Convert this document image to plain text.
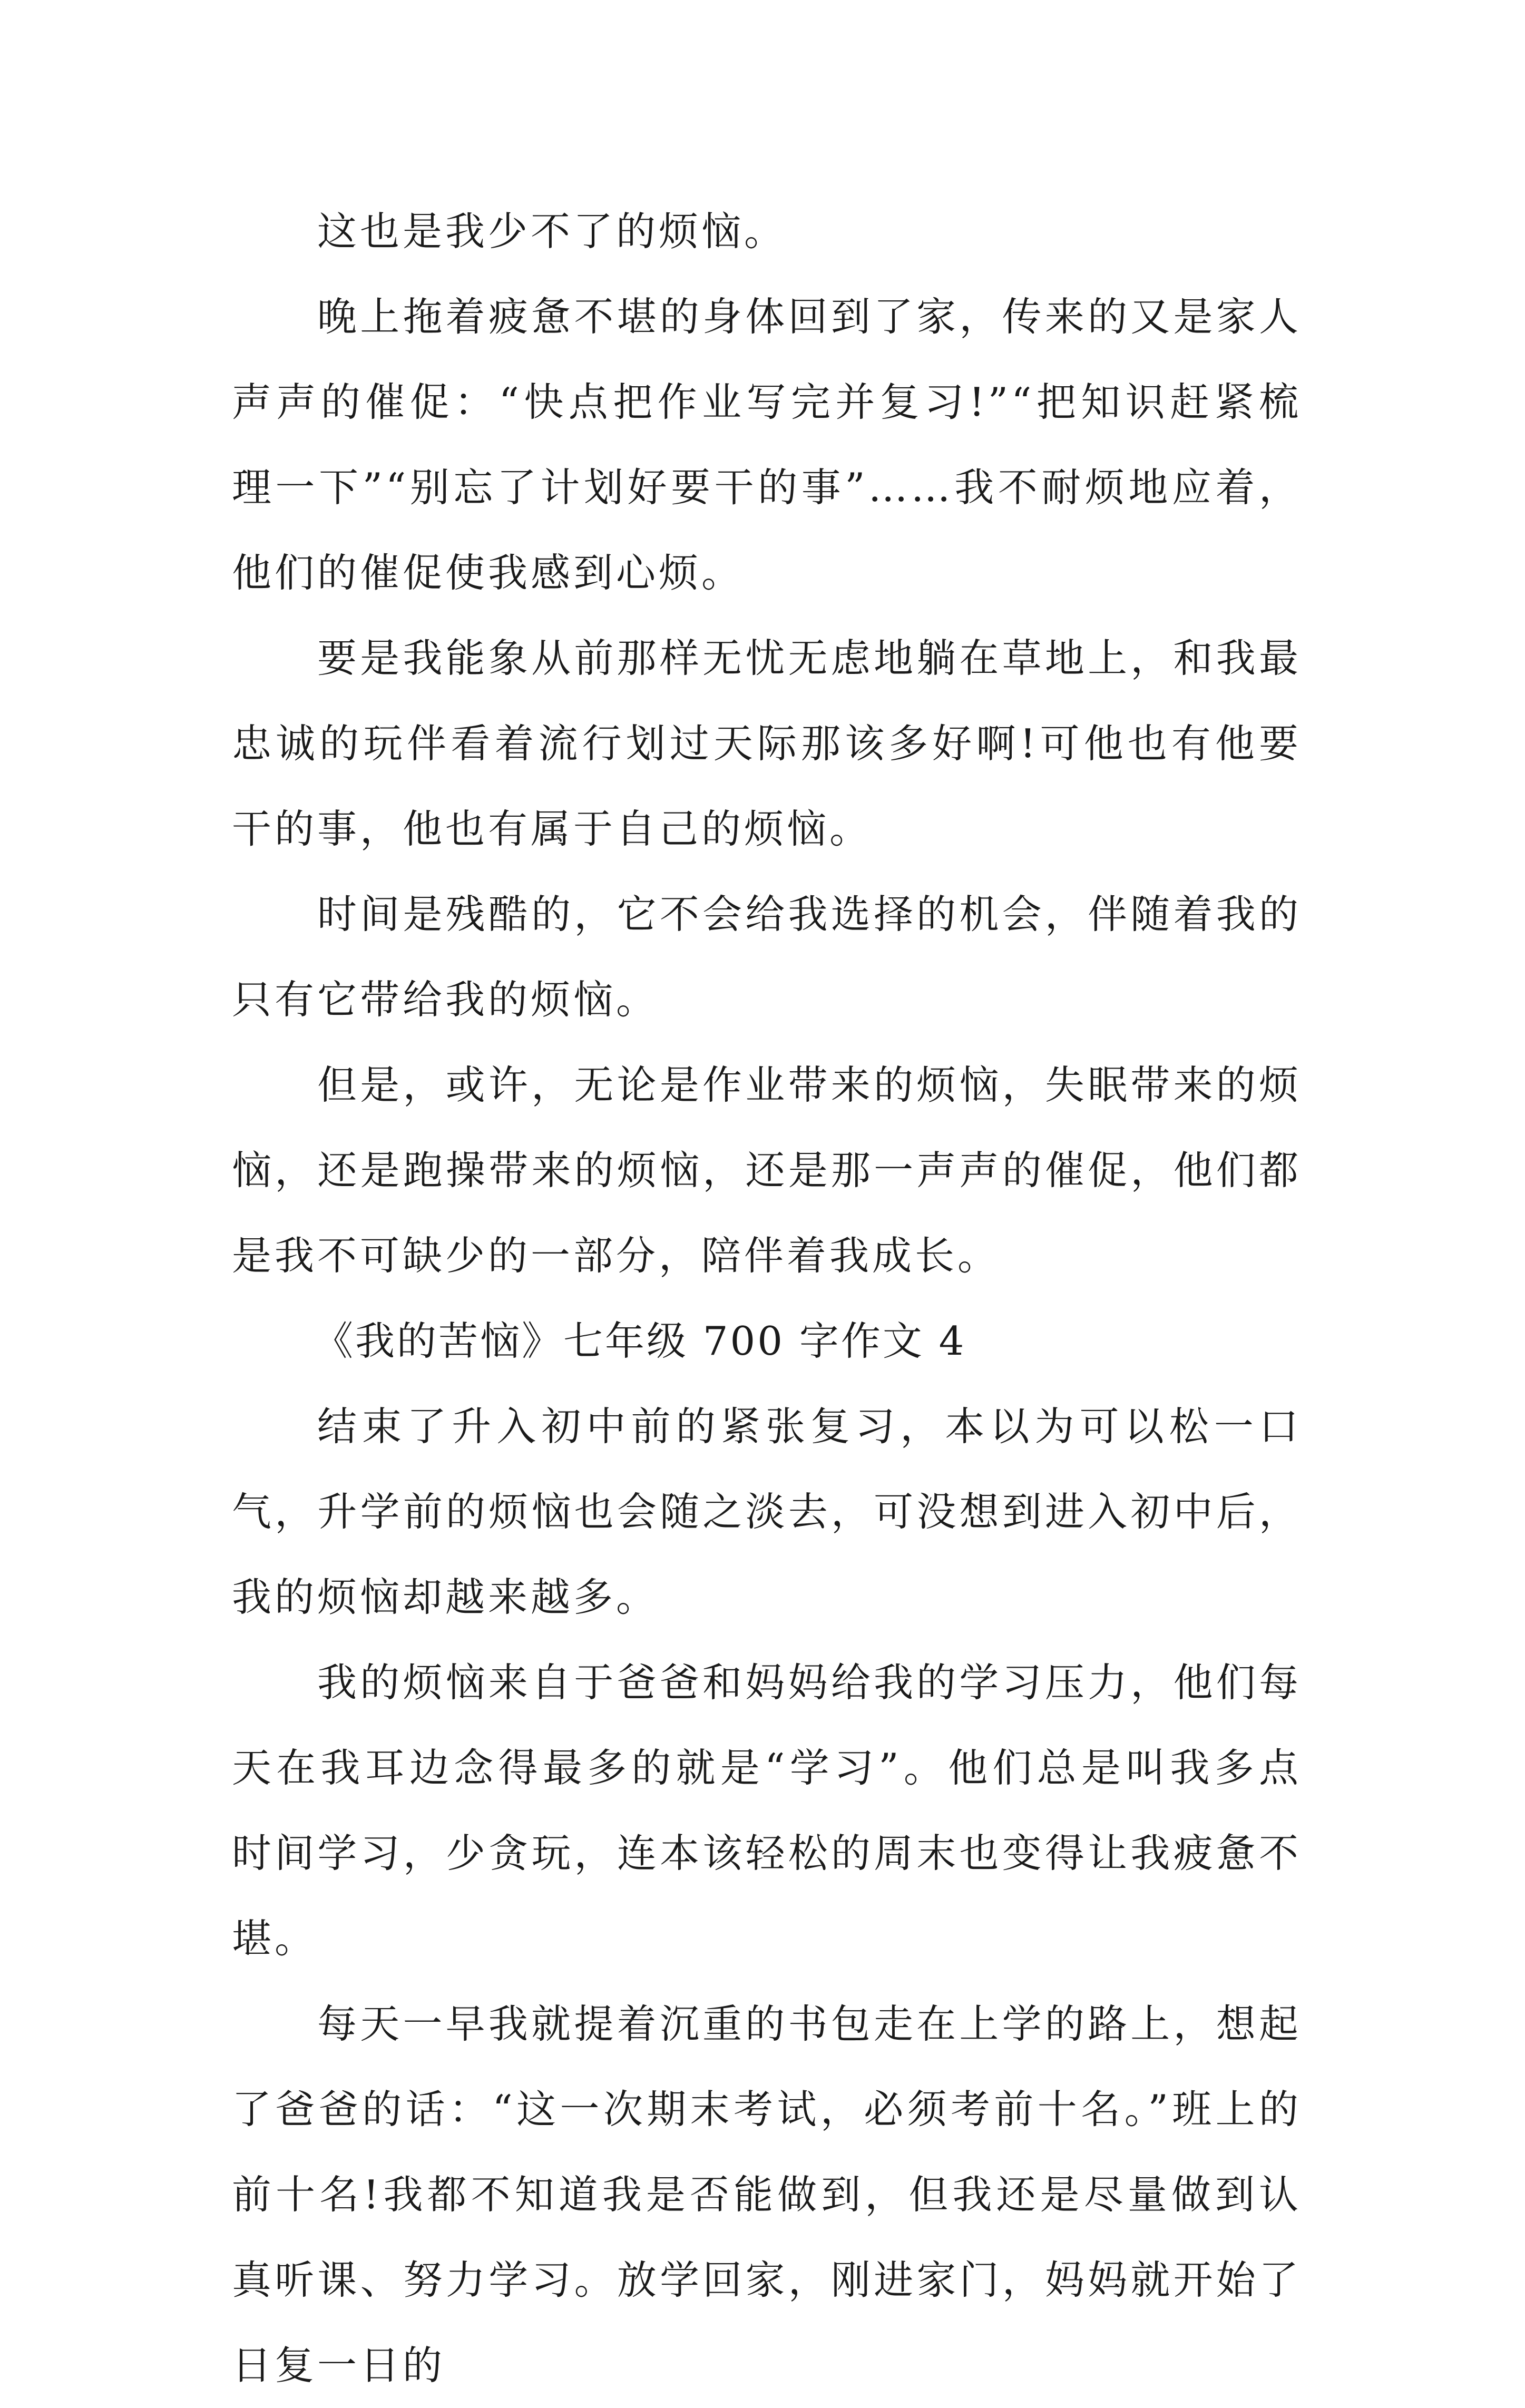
这也是我少不了的烦恼。

晚上拖着疲惫不堪的身体回到了家，传来的又是家人声声的催促：“快点把作业写完并复习!”“把知识赶紧梳理一下”“别忘了计划好要干的事”……我不耐烦地应着，他们的催促使我感到心烦。

要是我能象从前那样无忧无虑地躺在草地上，和我最忠诚的玩伴看着流行划过天际那该多好啊!可他也有他要干的事，他也有属于自己的烦恼。

时间是残酷的，它不会给我选择的机会，伴随着我的只有它带给我的烦恼。

但是，或许，无论是作业带来的烦恼，失眠带来的烦恼，还是跑操带来的烦恼，还是那一声声的催促，他们都是我不可缺少的一部分，陪伴着我成长。

《我的苦恼》七年级 700 字作文 4

结束了升入初中前的紧张复习，本以为可以松一口气，升学前的烦恼也会随之淡去，可没想到进入初中后，我的烦恼却越来越多。

我的烦恼来自于爸爸和妈妈给我的学习压力，他们每天在我耳边念得最多的就是“学习”。他们总是叫我多点时间学习，少贪玩，连本该轻松的周末也变得让我疲惫不堪。

每天一早我就提着沉重的书包走在上学的路上，想起了爸爸的话：“这一次期末考试，必须考前十名。”班上的前十名!我都不知道我是否能做到，但我还是尽量做到认真听课、努力学习。放学回家，刚进家门，妈妈就开始了日复一日的
